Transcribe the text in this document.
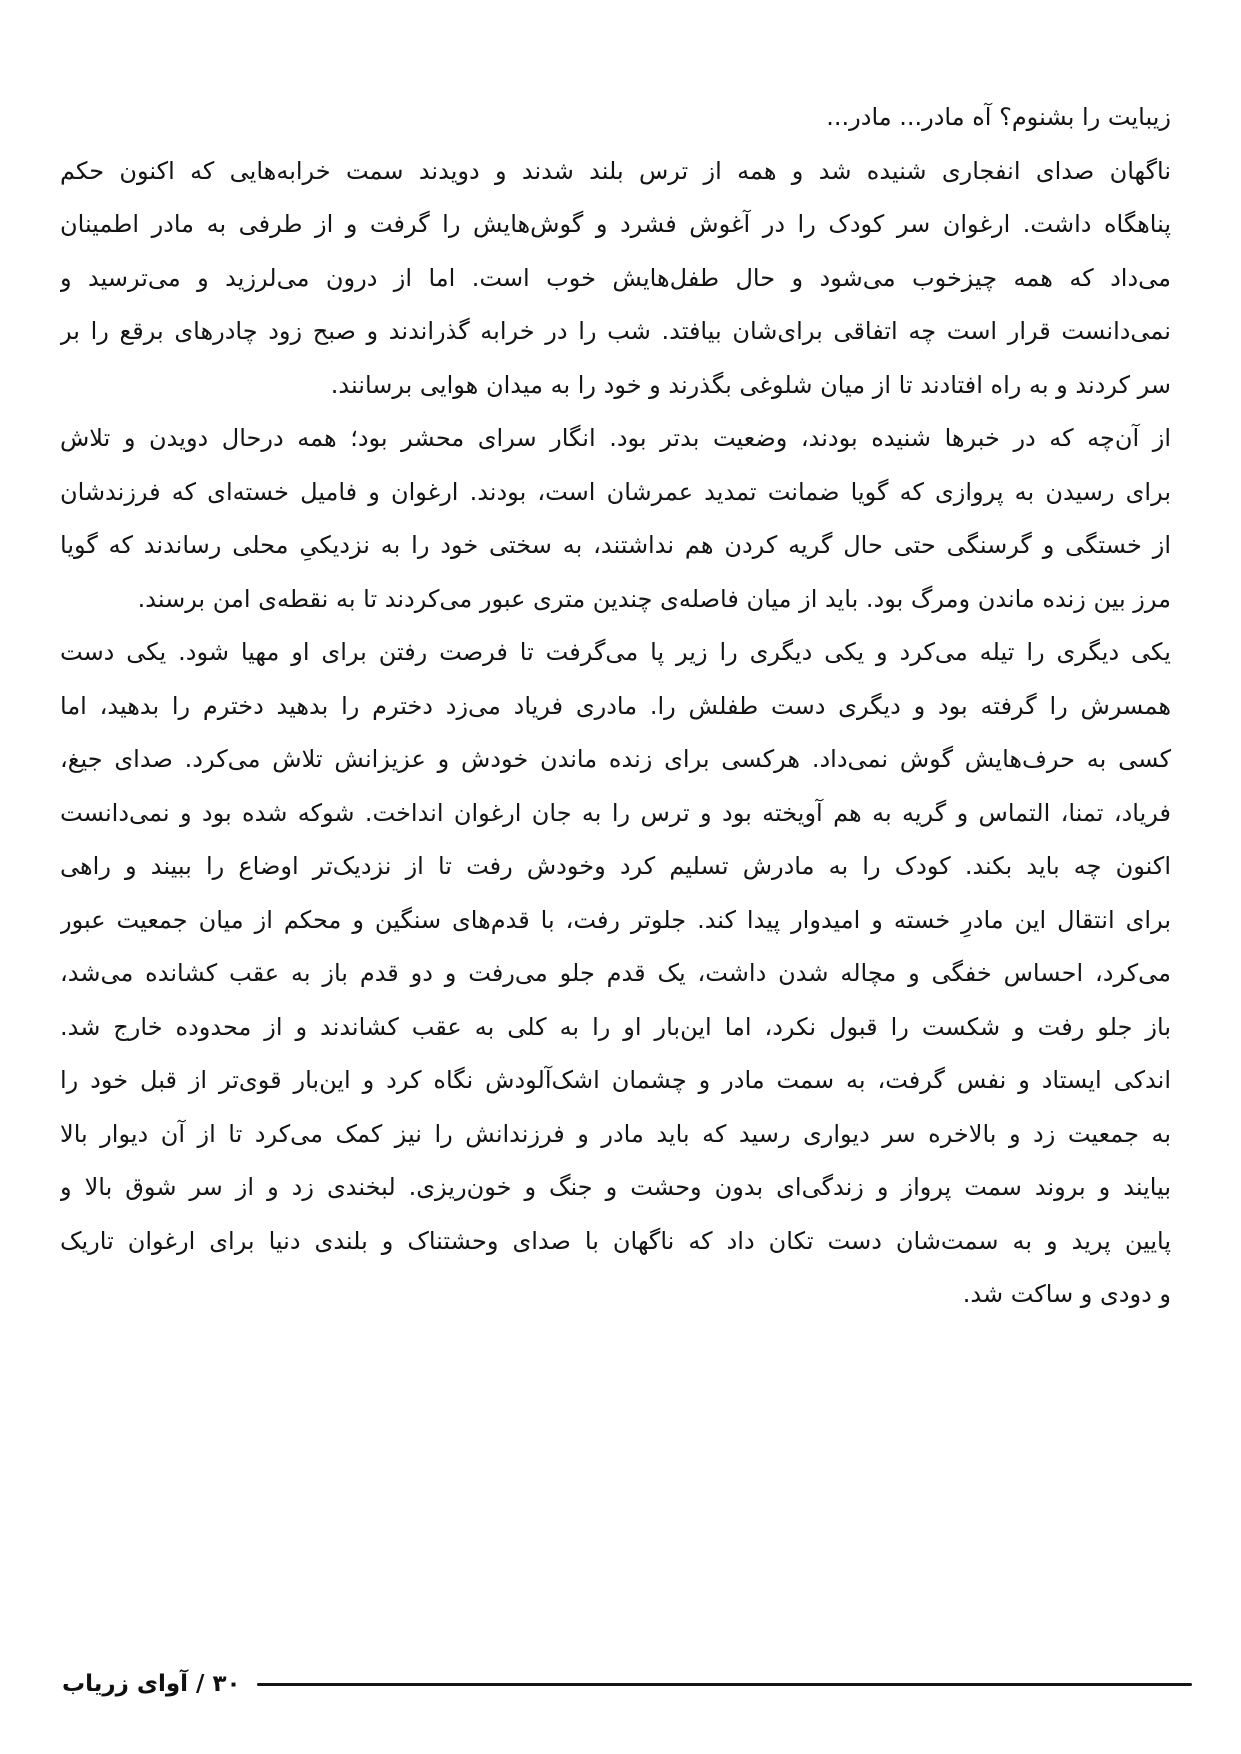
زیبایت را بشنوم؟ آه مادر... مادر...
ناگهان صدای انفجاری شنیده شد و همه از ترس بلند شدند و دویدند سمت خرابه‌هایی که اکنون حکم
پناهگاه داشت. ارغوان سر کودک را در آغوش فشرد و گوش‌هایش را گرفت و از طرفی به مادر اطمینان
می‌داد که همه چیزخوب می‌شود و حال طفل‌هایش خوب است. اما از درون می‌لرزید و می‌ترسید و
نمی‌دانست قرار است چه اتفاقی برای‌شان بیافتد. شب را در خرابه گذراندند و صبح زود چادرهای برقع را بر
سر کردند و به راه افتادند تا از میان شلوغی بگذرند و خود را به میدان هوایی برسانند.
از آن‌چه که در خبرها شنیده بودند، وضعیت بدتر بود. انگار سرای محشر بود؛ همه درحال دویدن و تلاش
برای رسیدن به پروازی که گویا ضمانت تمدید عمرشان است، بودند. ارغوان و فامیل خسته‌ای که فرزندشان
از خستگی و گرسنگی حتی حال گریه کردن هم نداشتند، به سختی خود را به نزدیکیِ محلی رساندند که گویا
مرز بین زنده ماندن ومرگ بود. باید از میان فاصله‌ی چندین متری عبور می‌کردند تا به نقطه‌ی امن برسند.
یکی دیگری را تیله می‌کرد و یکی دیگری را زیر پا می‌گرفت تا فرصت رفتن برای او مهیا شود. یکی دست
همسرش را گرفته بود و دیگری دست طفلش را. مادری فریاد می‌زد دخترم را بدهید دخترم را بدهید، اما
کسی به حرف‌هایش گوش نمی‌داد. هرکسی برای زنده ماندن خودش و عزیزانش تلاش می‌کرد. صدای جیغ،
فریاد، تمنا، التماس و گریه به هم آویخته بود و ترس را به جان ارغوان انداخت. شوکه شده بود و نمی‌دانست
اکنون چه باید بکند. کودک را به مادرش تسلیم کرد وخودش رفت تا از نزدیک‌تر اوضاع را ببیند و راهی
برای انتقال این مادرِ خسته و امیدوار پیدا کند. جلوتر رفت، با قدم‌های سنگین و محکم از میان جمعیت عبور
می‌کرد، احساس خفگی و مچاله شدن داشت، یک قدم جلو می‌رفت و دو قدم باز به عقب کشانده می‌شد،
باز جلو رفت و شکست را قبول نکرد، اما این‌بار او را به کلی به عقب کشاندند و از محدوده خارج شد.
اندکی ایستاد و نفس گرفت، به سمت مادر و چشمان اشک‌آلودش نگاه کرد و این‌بار قوی‌تر از قبل خود را
به جمعیت زد و بالاخره سر دیواری رسید که باید مادر و فرزندانش را نیز کمک می‌کرد تا از آن دیوار بالا
بیایند و بروند سمت پرواز و زندگی‌ای بدون وحشت و جنگ و خون‌ریزی. لبخندی زد و از سر شوق بالا و
پایین پرید و به سمت‌شان دست تکان داد که ناگهان با صدای وحشتناک و بلندی دنیا برای ارغوان تاریک
و دودی و ساکت شد.
۳۰ / آوای زریاب
